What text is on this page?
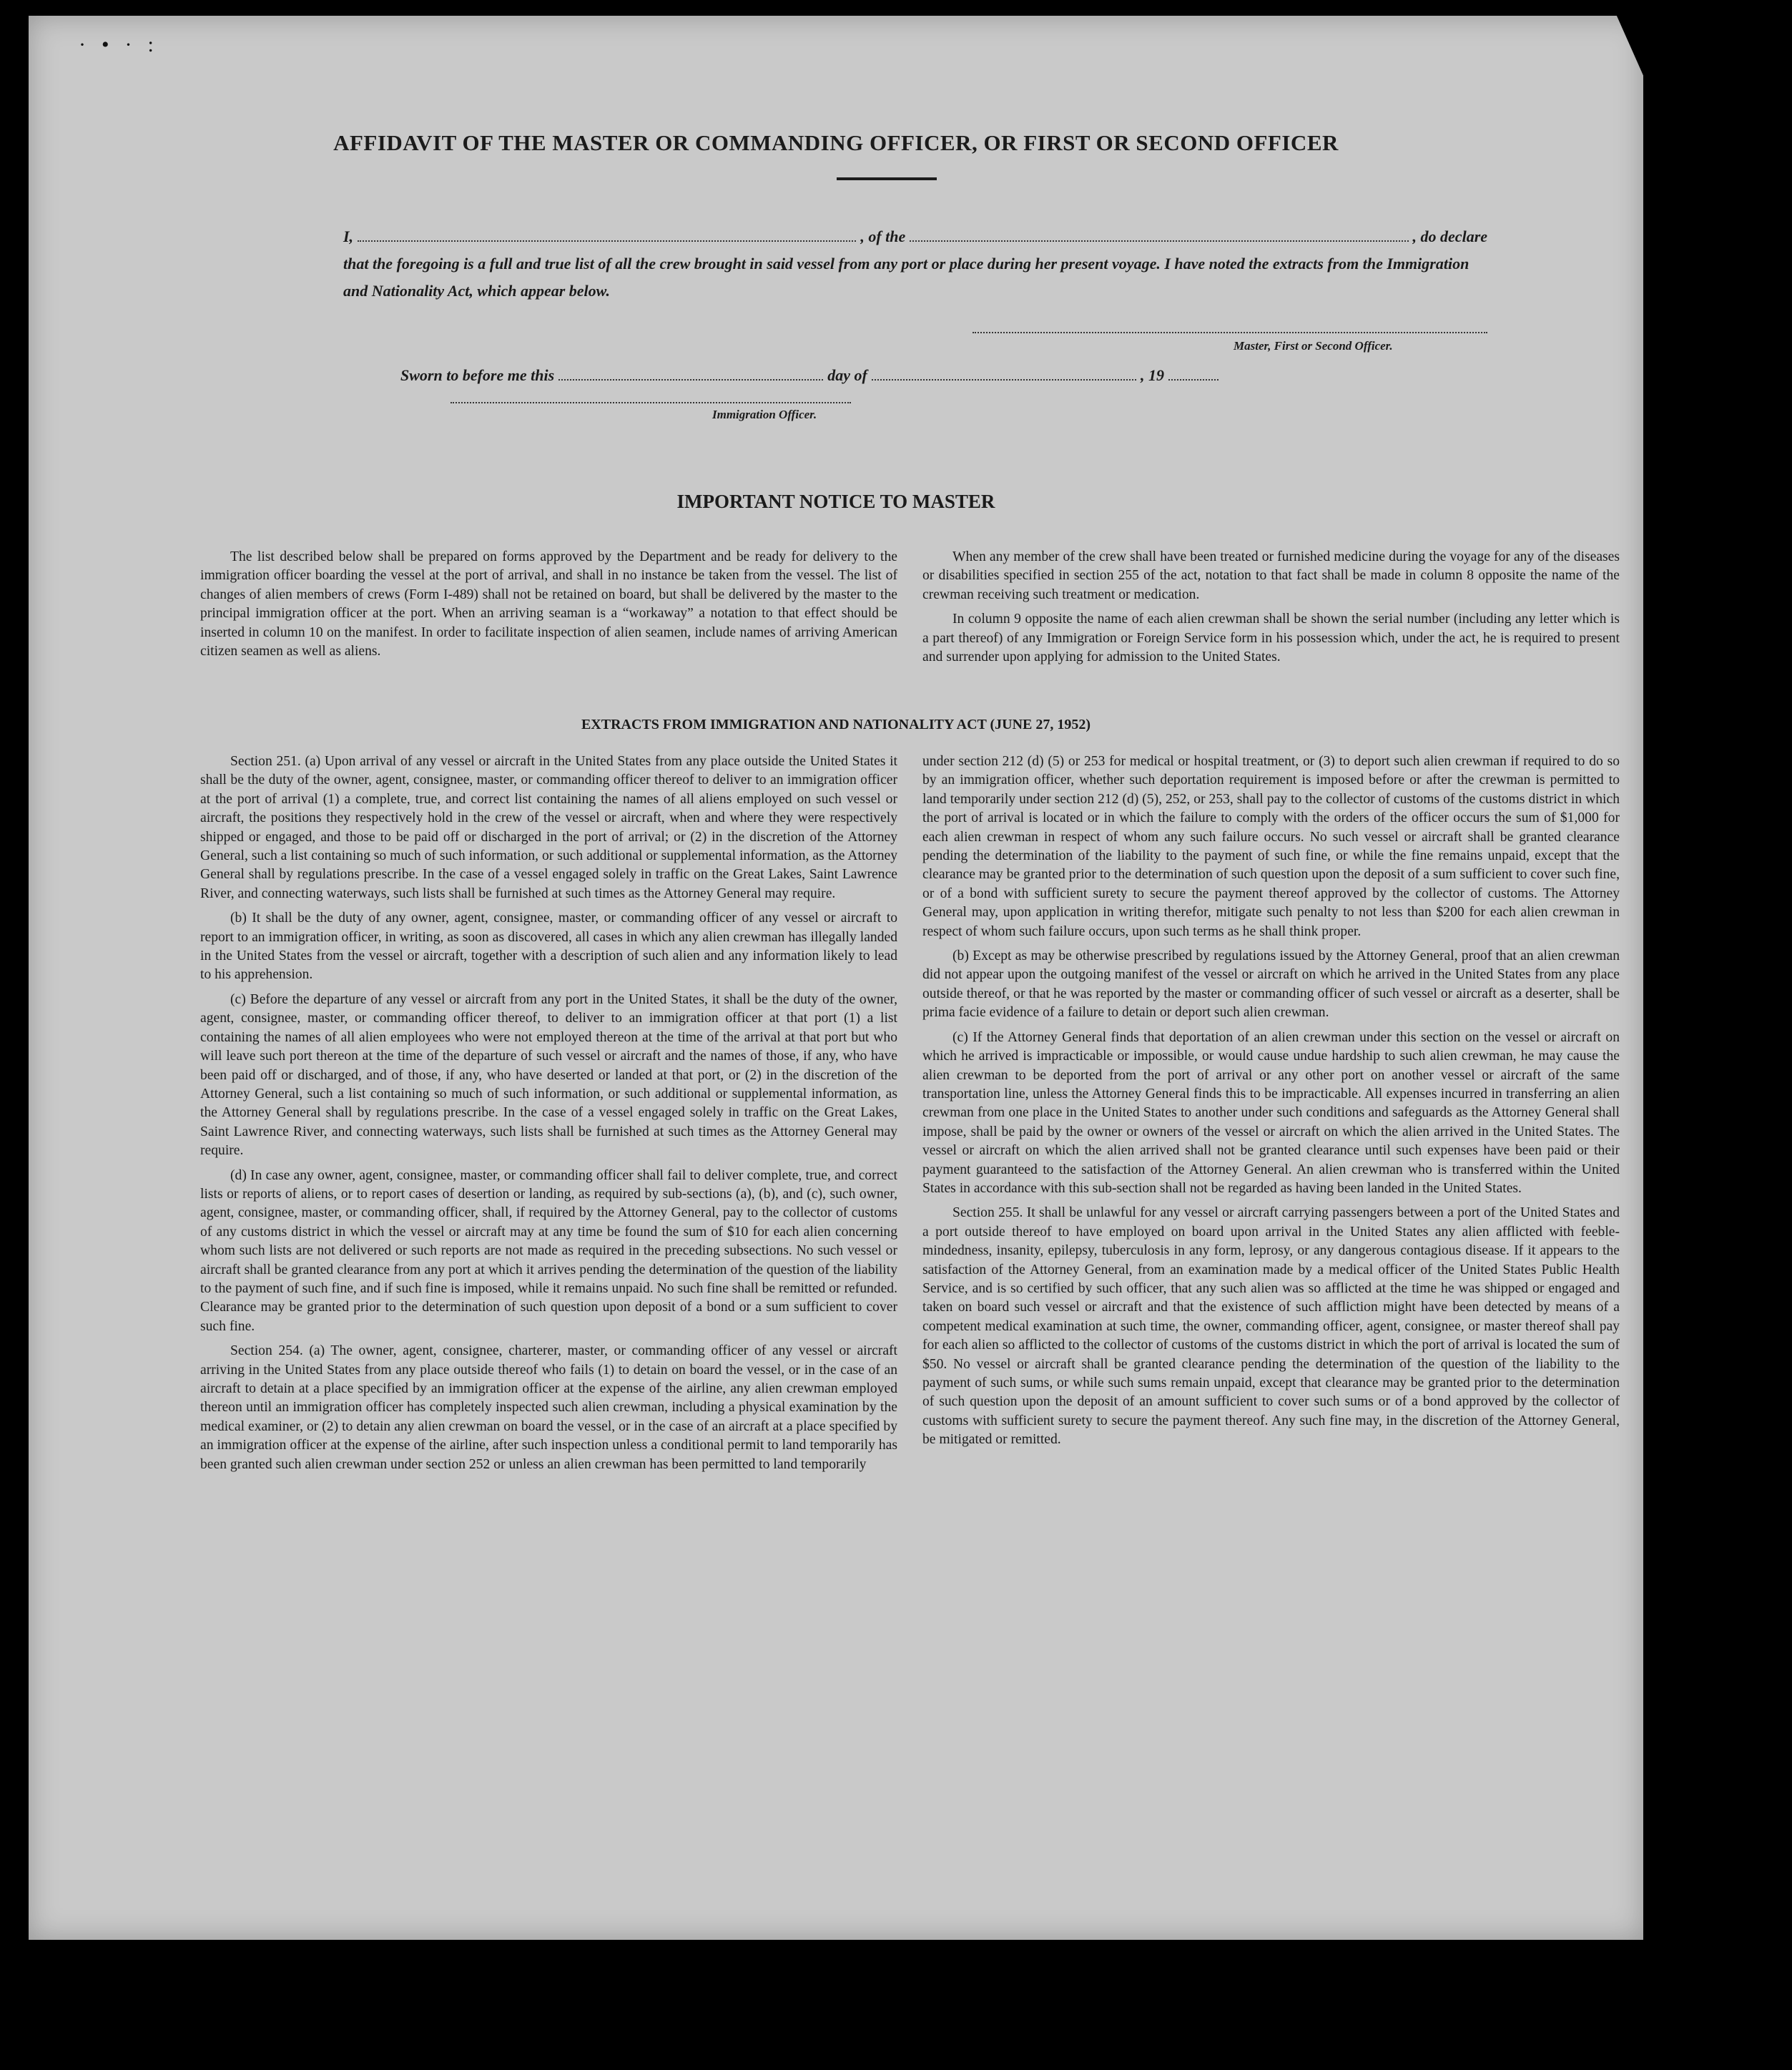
·•·:
AFFIDAVIT OF THE MASTER OR COMMANDING OFFICER, OR FIRST OR SECOND OFFICER
I,	, of the	, do declare
that the foregoing is a full and true list of all the crew brought in said vessel from any port or place during her present voyage. I have noted the extracts from the Immigration and Nationality Act, which appear below.
Master, First or Second Officer.
Sworn to before me this	day of	, 19
Immigration Officer.
IMPORTANT NOTICE TO MASTER

The list described below shall be prepared on forms approved by the Department and be ready for delivery to the immigration officer boarding the vessel at the port of arrival, and shall in no instance be taken from the vessel. The list of changes of alien members of crews (Form I-489) shall not be retained on board, but shall be delivered by the master to the principal immigration officer at the port. When an arriving seaman is a “workaway” a notation to that effect should be inserted in column 10 on the manifest. In order to facilitate inspection of alien seamen, include names of arriving American citizen seamen as well as aliens.

When any member of the crew shall have been treated or furnished medicine during the voyage for any of the diseases or disabilities specified in section 255 of the act, notation to that fact shall be made in column 8 opposite the name of the crewman receiving such treatment or medication.

In column 9 opposite the name of each alien crewman shall be shown the serial number (including any letter which is a part thereof) of any Immigration or Foreign Service form in his possession which, under the act, he is required to present and surrender upon applying for admission to the United States.

EXTRACTS FROM IMMIGRATION AND NATIONALITY ACT (JUNE 27, 1952)

Section 251. (a) Upon arrival of any vessel or aircraft in the United States from any place outside the United States it shall be the duty of the owner, agent, consignee, master, or commanding officer thereof to deliver to an immigration officer at the port of arrival (1) a complete, true, and correct list containing the names of all aliens employed on such vessel or aircraft, the positions they respectively hold in the crew of the vessel or aircraft, when and where they were respectively shipped or engaged, and those to be paid off or discharged in the port of arrival; or (2) in the discretion of the Attorney General, such a list containing so much of such information, or such additional or supplemental information, as the Attorney General shall by regulations prescribe. In the case of a vessel engaged solely in traffic on the Great Lakes, Saint Lawrence River, and connecting waterways, such lists shall be furnished at such times as the Attorney General may require.

(b) It shall be the duty of any owner, agent, consignee, master, or commanding officer of any vessel or aircraft to report to an immigration officer, in writing, as soon as discovered, all cases in which any alien crewman has illegally landed in the United States from the vessel or aircraft, together with a description of such alien and any information likely to lead to his apprehension.

(c) Before the departure of any vessel or aircraft from any port in the United States, it shall be the duty of the owner, agent, consignee, master, or commanding officer thereof, to deliver to an immigration officer at that port (1) a list containing the names of all alien employees who were not employed thereon at the time of the arrival at that port but who will leave such port thereon at the time of the departure of such vessel or aircraft and the names of those, if any, who have been paid off or discharged, and of those, if any, who have deserted or landed at that port, or (2) in the discretion of the Attorney General, such a list containing so much of such information, or such additional or supplemental information, as the Attorney General shall by regulations prescribe. In the case of a vessel engaged solely in traffic on the Great Lakes, Saint Lawrence River, and connecting waterways, such lists shall be furnished at such times as the Attorney General may require.

(d) In case any owner, agent, consignee, master, or commanding officer shall fail to deliver complete, true, and correct lists or reports of aliens, or to report cases of desertion or landing, as required by sub-sections (a), (b), and (c), such owner, agent, consignee, master, or commanding officer, shall, if required by the Attorney General, pay to the collector of customs of any customs district in which the vessel or aircraft may at any time be found the sum of $10 for each alien concerning whom such lists are not delivered or such reports are not made as required in the preceding subsections. No such vessel or aircraft shall be granted clearance from any port at which it arrives pending the determination of the question of the liability to the payment of such fine, and if such fine is imposed, while it remains unpaid. No such fine shall be remitted or refunded. Clearance may be granted prior to the determination of such question upon deposit of a bond or a sum sufficient to cover such fine.

Section 254. (a) The owner, agent, consignee, charterer, master, or commanding officer of any vessel or aircraft arriving in the United States from any place outside thereof who fails (1) to detain on board the vessel, or in the case of an aircraft to detain at a place specified by an immigration officer at the expense of the airline, any alien crewman employed thereon until an immigration officer has completely inspected such alien crewman, including a physical examination by the medical examiner, or (2) to detain any alien crewman on board the vessel, or in the case of an aircraft at a place specified by an immigration officer at the expense of the airline, after such inspection unless a conditional permit to land temporarily has been granted such alien crewman under section 252 or unless an alien crewman has been permitted to land temporarily

under section 212 (d) (5) or 253 for medical or hospital treatment, or (3) to deport such alien crewman if required to do so by an immigration officer, whether such deportation requirement is imposed before or after the crewman is permitted to land temporarily under section 212 (d) (5), 252, or 253, shall pay to the collector of customs of the customs district in which the port of arrival is located or in which the failure to comply with the orders of the officer occurs the sum of $1,000 for each alien crewman in respect of whom any such failure occurs. No such vessel or aircraft shall be granted clearance pending the determination of the liability to the payment of such fine, or while the fine remains unpaid, except that the clearance may be granted prior to the determination of such question upon the deposit of a sum sufficient to cover such fine, or of a bond with sufficient surety to secure the payment thereof approved by the collector of customs. The Attorney General may, upon application in writing therefor, mitigate such penalty to not less than $200 for each alien crewman in respect of whom such failure occurs, upon such terms as he shall think proper.

(b) Except as may be otherwise prescribed by regulations issued by the Attorney General, proof that an alien crewman did not appear upon the outgoing manifest of the vessel or aircraft on which he arrived in the United States from any place outside thereof, or that he was reported by the master or commanding officer of such vessel or aircraft as a deserter, shall be prima facie evidence of a failure to detain or deport such alien crewman.

(c) If the Attorney General finds that deportation of an alien crewman under this section on the vessel or aircraft on which he arrived is impracticable or impossible, or would cause undue hardship to such alien crewman, he may cause the alien crewman to be deported from the port of arrival or any other port on another vessel or aircraft of the same transportation line, unless the Attorney General finds this to be impracticable. All expenses incurred in transferring an alien crewman from one place in the United States to another under such conditions and safeguards as the Attorney General shall impose, shall be paid by the owner or owners of the vessel or aircraft on which the alien arrived in the United States. The vessel or aircraft on which the alien arrived shall not be granted clearance until such expenses have been paid or their payment guaranteed to the satisfaction of the Attorney General. An alien crewman who is transferred within the United States in accordance with this sub-section shall not be regarded as having been landed in the United States.

Section 255. It shall be unlawful for any vessel or aircraft carrying passengers between a port of the United States and a port outside thereof to have employed on board upon arrival in the United States any alien afflicted with feeble-mindedness, insanity, epilepsy, tuberculosis in any form, leprosy, or any dangerous contagious disease. If it appears to the satisfaction of the Attorney General, from an examination made by a medical officer of the United States Public Health Service, and is so certified by such officer, that any such alien was so afflicted at the time he was shipped or engaged and taken on board such vessel or aircraft and that the existence of such affliction might have been detected by means of a competent medical examination at such time, the owner, commanding officer, agent, consignee, or master thereof shall pay for each alien so afflicted to the collector of customs of the customs district in which the port of arrival is located the sum of $50. No vessel or aircraft shall be granted clearance pending the determination of the question of the liability to the payment of such sums, or while such sums remain unpaid, except that clearance may be granted prior to the determination of such question upon the deposit of an amount sufficient to cover such sums or of a bond approved by the collector of customs with sufficient surety to secure the payment thereof. Any such fine may, in the discretion of the Attorney General, be mitigated or remitted.
